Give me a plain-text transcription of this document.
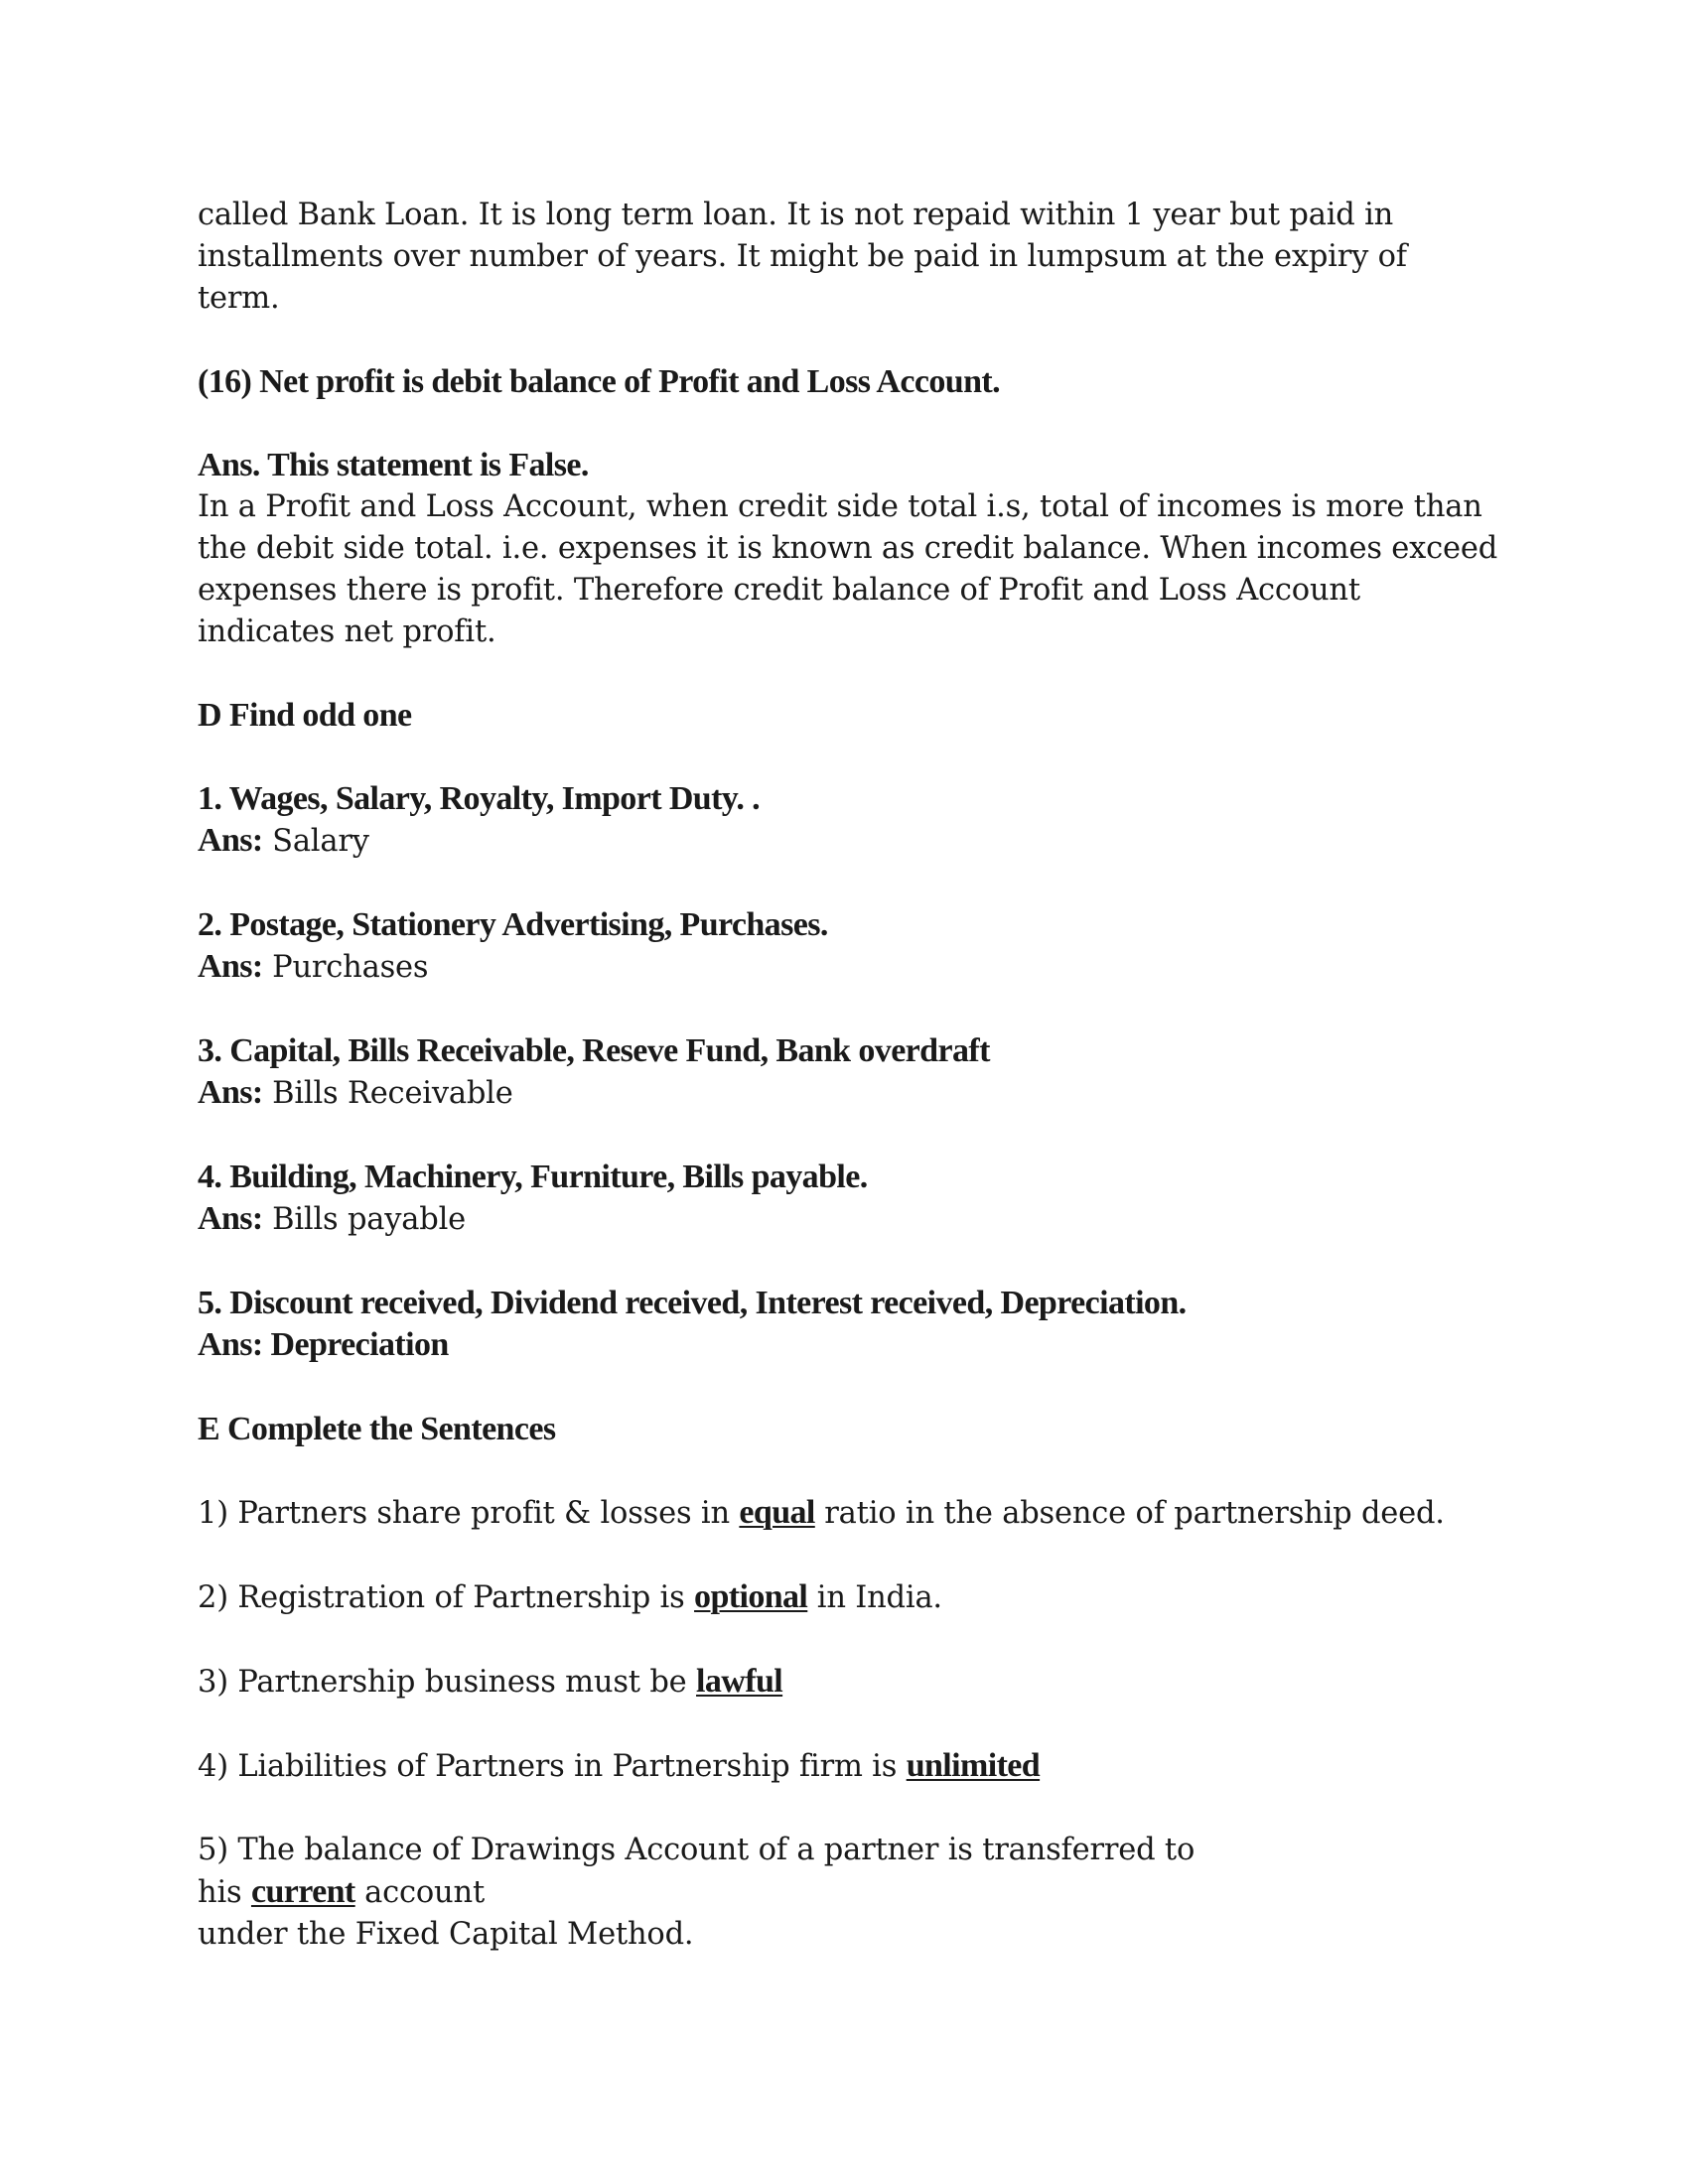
called Bank Loan. It is long term loan. It is not repaid within 1 year but paid in

installments over number of years. It might be paid in lumpsum at the expiry of

term.

(16) Net profit is debit balance of Profit and Loss Account.

Ans. This statement is False.

In a Profit and Loss Account, when credit side total i.s, total of incomes is more than

the debit side total. i.e. expenses it is known as credit balance. When incomes exceed

expenses there is profit. Therefore credit balance of Profit and Loss Account

indicates net profit.

D Find odd one

1. Wages, Salary, Royalty, Import Duty. .

Ans: Salary

2. Postage, Stationery Advertising, Purchases.

Ans: Purchases

3. Capital, Bills Receivable, Reseve Fund, Bank overdraft

Ans: Bills Receivable

4. Building, Machinery, Furniture, Bills payable.

Ans: Bills payable

5. Discount received, Dividend received, Interest received, Depreciation.

Ans: Depreciation

E Complete the Sentences

1) Partners share profit & losses in equal ratio in the absence of partnership deed.

2) Registration of Partnership is optional in India.

3) Partnership business must be lawful

4) Liabilities of Partners in Partnership firm is unlimited

5) The balance of Drawings Account of a partner is transferred to

his current account

under the Fixed Capital Method.
